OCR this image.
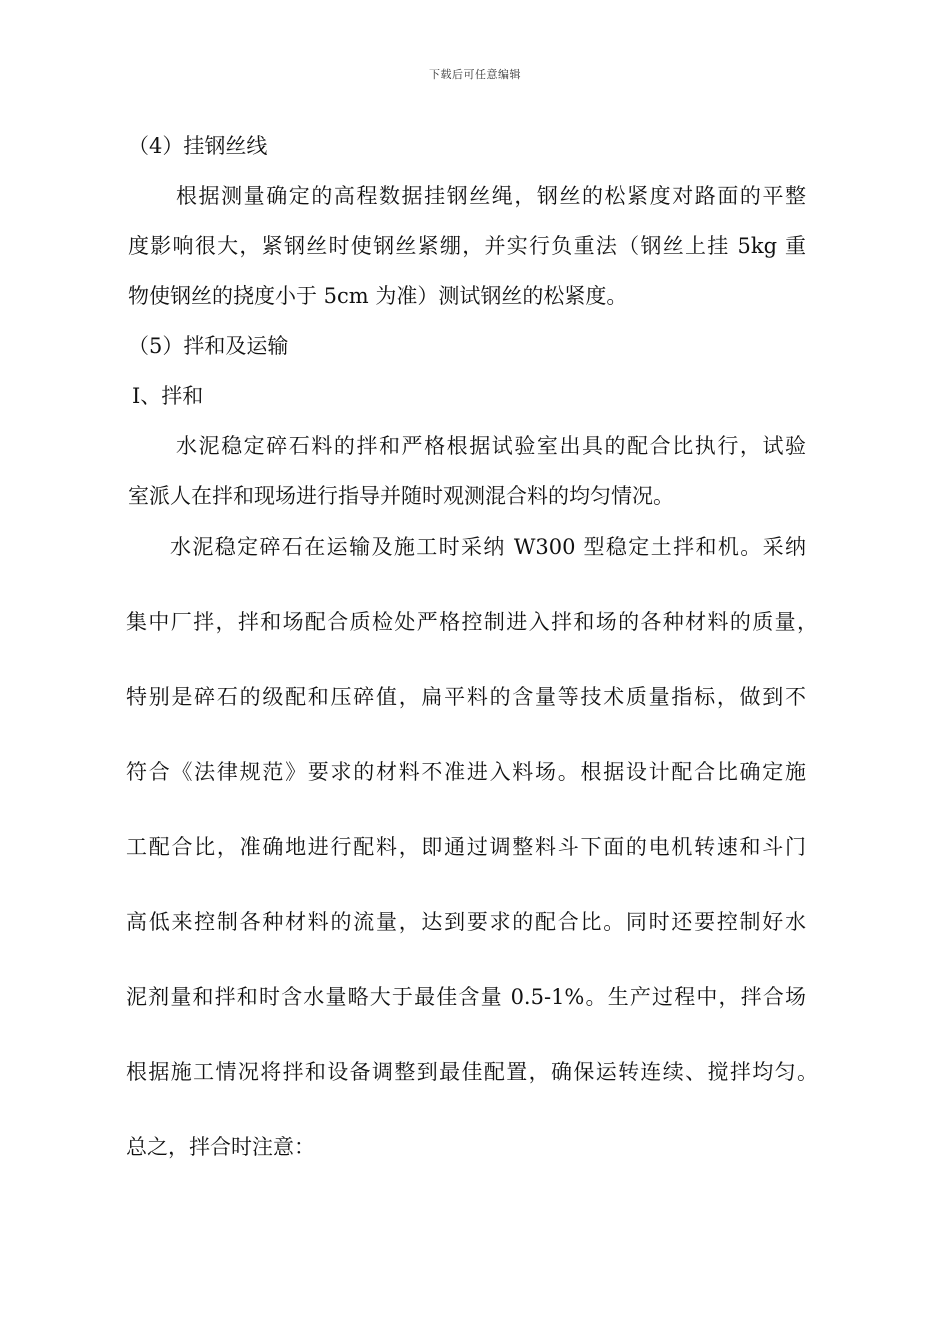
下载后可任意编辑
（4）挂钢丝线
根据测量确定的高程数据挂钢丝绳，钢丝的松紧度对路面的平整
度影响很大，紧钢丝时使钢丝紧绷，并实行负重法（钢丝上挂 5kg 重
物使钢丝的挠度小于 5cm 为准）测试钢丝的松紧度。
（5）拌和及运输
Ⅰ、拌和
水泥稳定碎石料的拌和严格根据试验室出具的配合比执行，试验
室派人在拌和现场进行指导并随时观测混合料的均匀情况。
水泥稳定碎石在运输及施工时采纳 W300 型稳定土拌和机。采纳
集中厂拌，拌和场配合质检处严格控制进入拌和场的各种材料的质量，
特别是碎石的级配和压碎值，扁平料的含量等技术质量指标，做到不
符合《法律规范》要求的材料不准进入料场。根据设计配合比确定施
工配合比，准确地进行配料，即通过调整料斗下面的电机转速和斗门
高低来控制各种材料的流量，达到要求的配合比。同时还要控制好水
泥剂量和拌和时含水量略大于最佳含量 0.5-1%。生产过程中，拌合场
根据施工情况将拌和设备调整到最佳配置，确保运转连续、搅拌均匀。
总之，拌合时注意：
